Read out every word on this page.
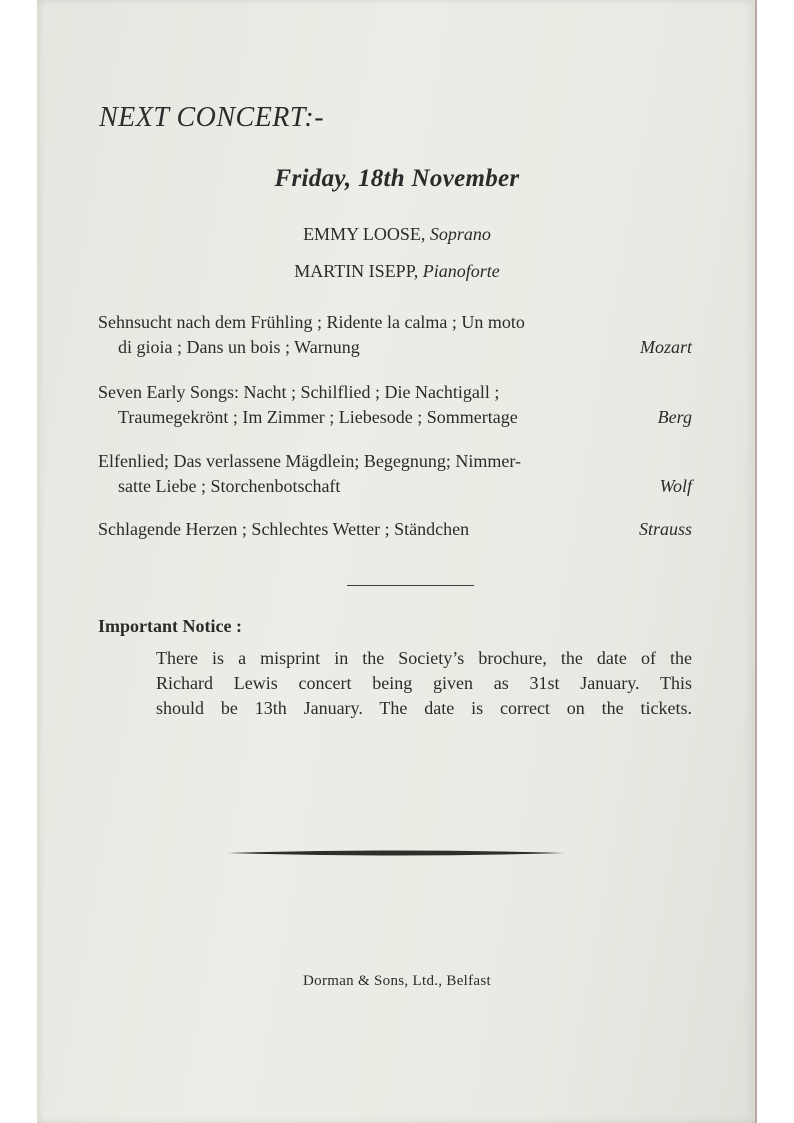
NEXT CONCERT:-
Friday, 18th November
EMMY LOOSE, Soprano
MARTIN ISEPP, Pianoforte
Sehnsucht nach dem Frühling ; Ridente la calma ; Un moto
di gioia ; Dans un bois ; Warnung	Mozart
Seven Early Songs: Nacht ; Schilflied ; Die Nachtigall ;
Traumegekrönt ; Im Zimmer ; Liebesode ; Sommertage	Berg
Elfenlied; Das verlassene Mägdlein; Begegnung; Nimmer-
satte Liebe ; Storchenbotschaft	Wolf
Schlagende Herzen ; Schlechtes Wetter ; Ständchen	Strauss
Important Notice :
There is a misprint in the Society’s brochure, the date of the
Richard Lewis concert being given as 31st January. This
should be 13th January. The date is correct on the tickets.
Dorman & Sons, Ltd., Belfast
